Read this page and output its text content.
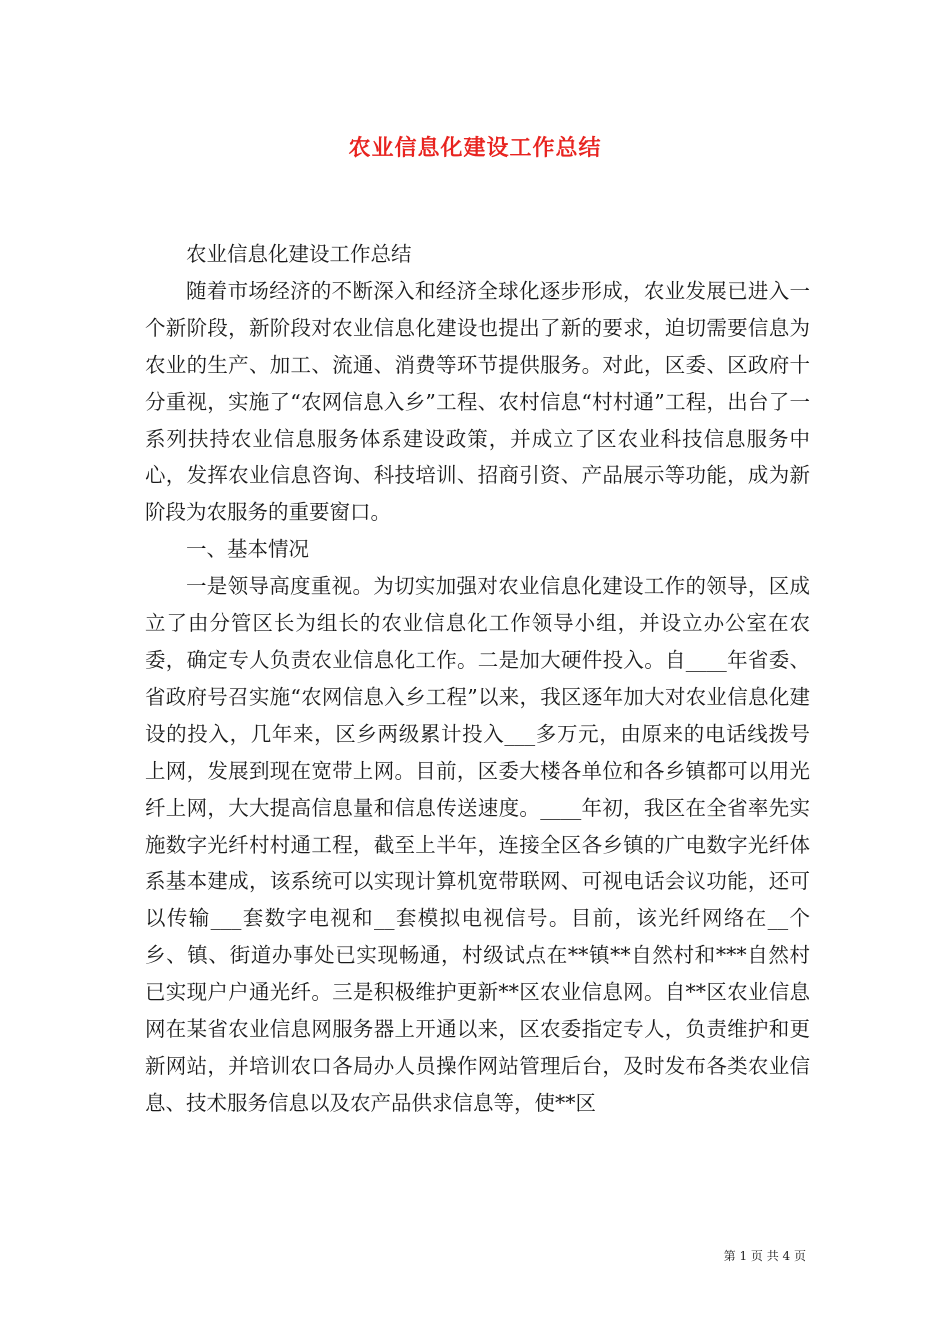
农业信息化建设工作总结

农业信息化建设工作总结

随着市场经济的不断深入和经济全球化逐步形成，农业发展已进入一个新阶段，新阶段对农业信息化建设也提出了新的要求，迫切需要信息为农业的生产、加工、流通、消费等环节提供服务。对此，区委、区政府十分重视，实施了“农网信息入乡”工程、农村信息“村村通”工程，出台了一系列扶持农业信息服务体系建设政策，并成立了区农业科技信息服务中心，发挥农业信息咨询、科技培训、招商引资、产品展示等功能，成为新阶段为农服务的重要窗口。

一、基本情况

一是领导高度重视。为切实加强对农业信息化建设工作的领导，区成立了由分管区长为组长的农业信息化工作领导小组，并设立办公室在农委，确定专人负责农业信息化工作。二是加大硬件投入。自____年省委、省政府号召实施“农网信息入乡工程”以来，我区逐年加大对农业信息化建设的投入，几年来，区乡两级累计投入___多万元，由原来的电话线拨号上网，发展到现在宽带上网。目前，区委大楼各单位和各乡镇都可以用光纤上网，大大提高信息量和信息传送速度。____年初，我区在全省率先实施数字光纤村村通工程，截至上半年，连接全区各乡镇的广电数字光纤体系基本建成，该系统可以实现计算机宽带联网、可视电话会议功能，还可以传输___套数字电视和__套模拟电视信号。目前，该光纤网络在__个乡、镇、街道办事处已实现畅通，村级试点在**镇**自然村和***自然村已实现户户通光纤。三是积极维护更新**区农业信息网。自**区农业信息网在某省农业信息网服务器上开通以来，区农委指定专人，负责维护和更新网站，并培训农口各局办人员操作网站管理后台，及时发布各类农业信息、技术服务信息以及农产品供求信息等，使**区

第 1 页 共 4 页
